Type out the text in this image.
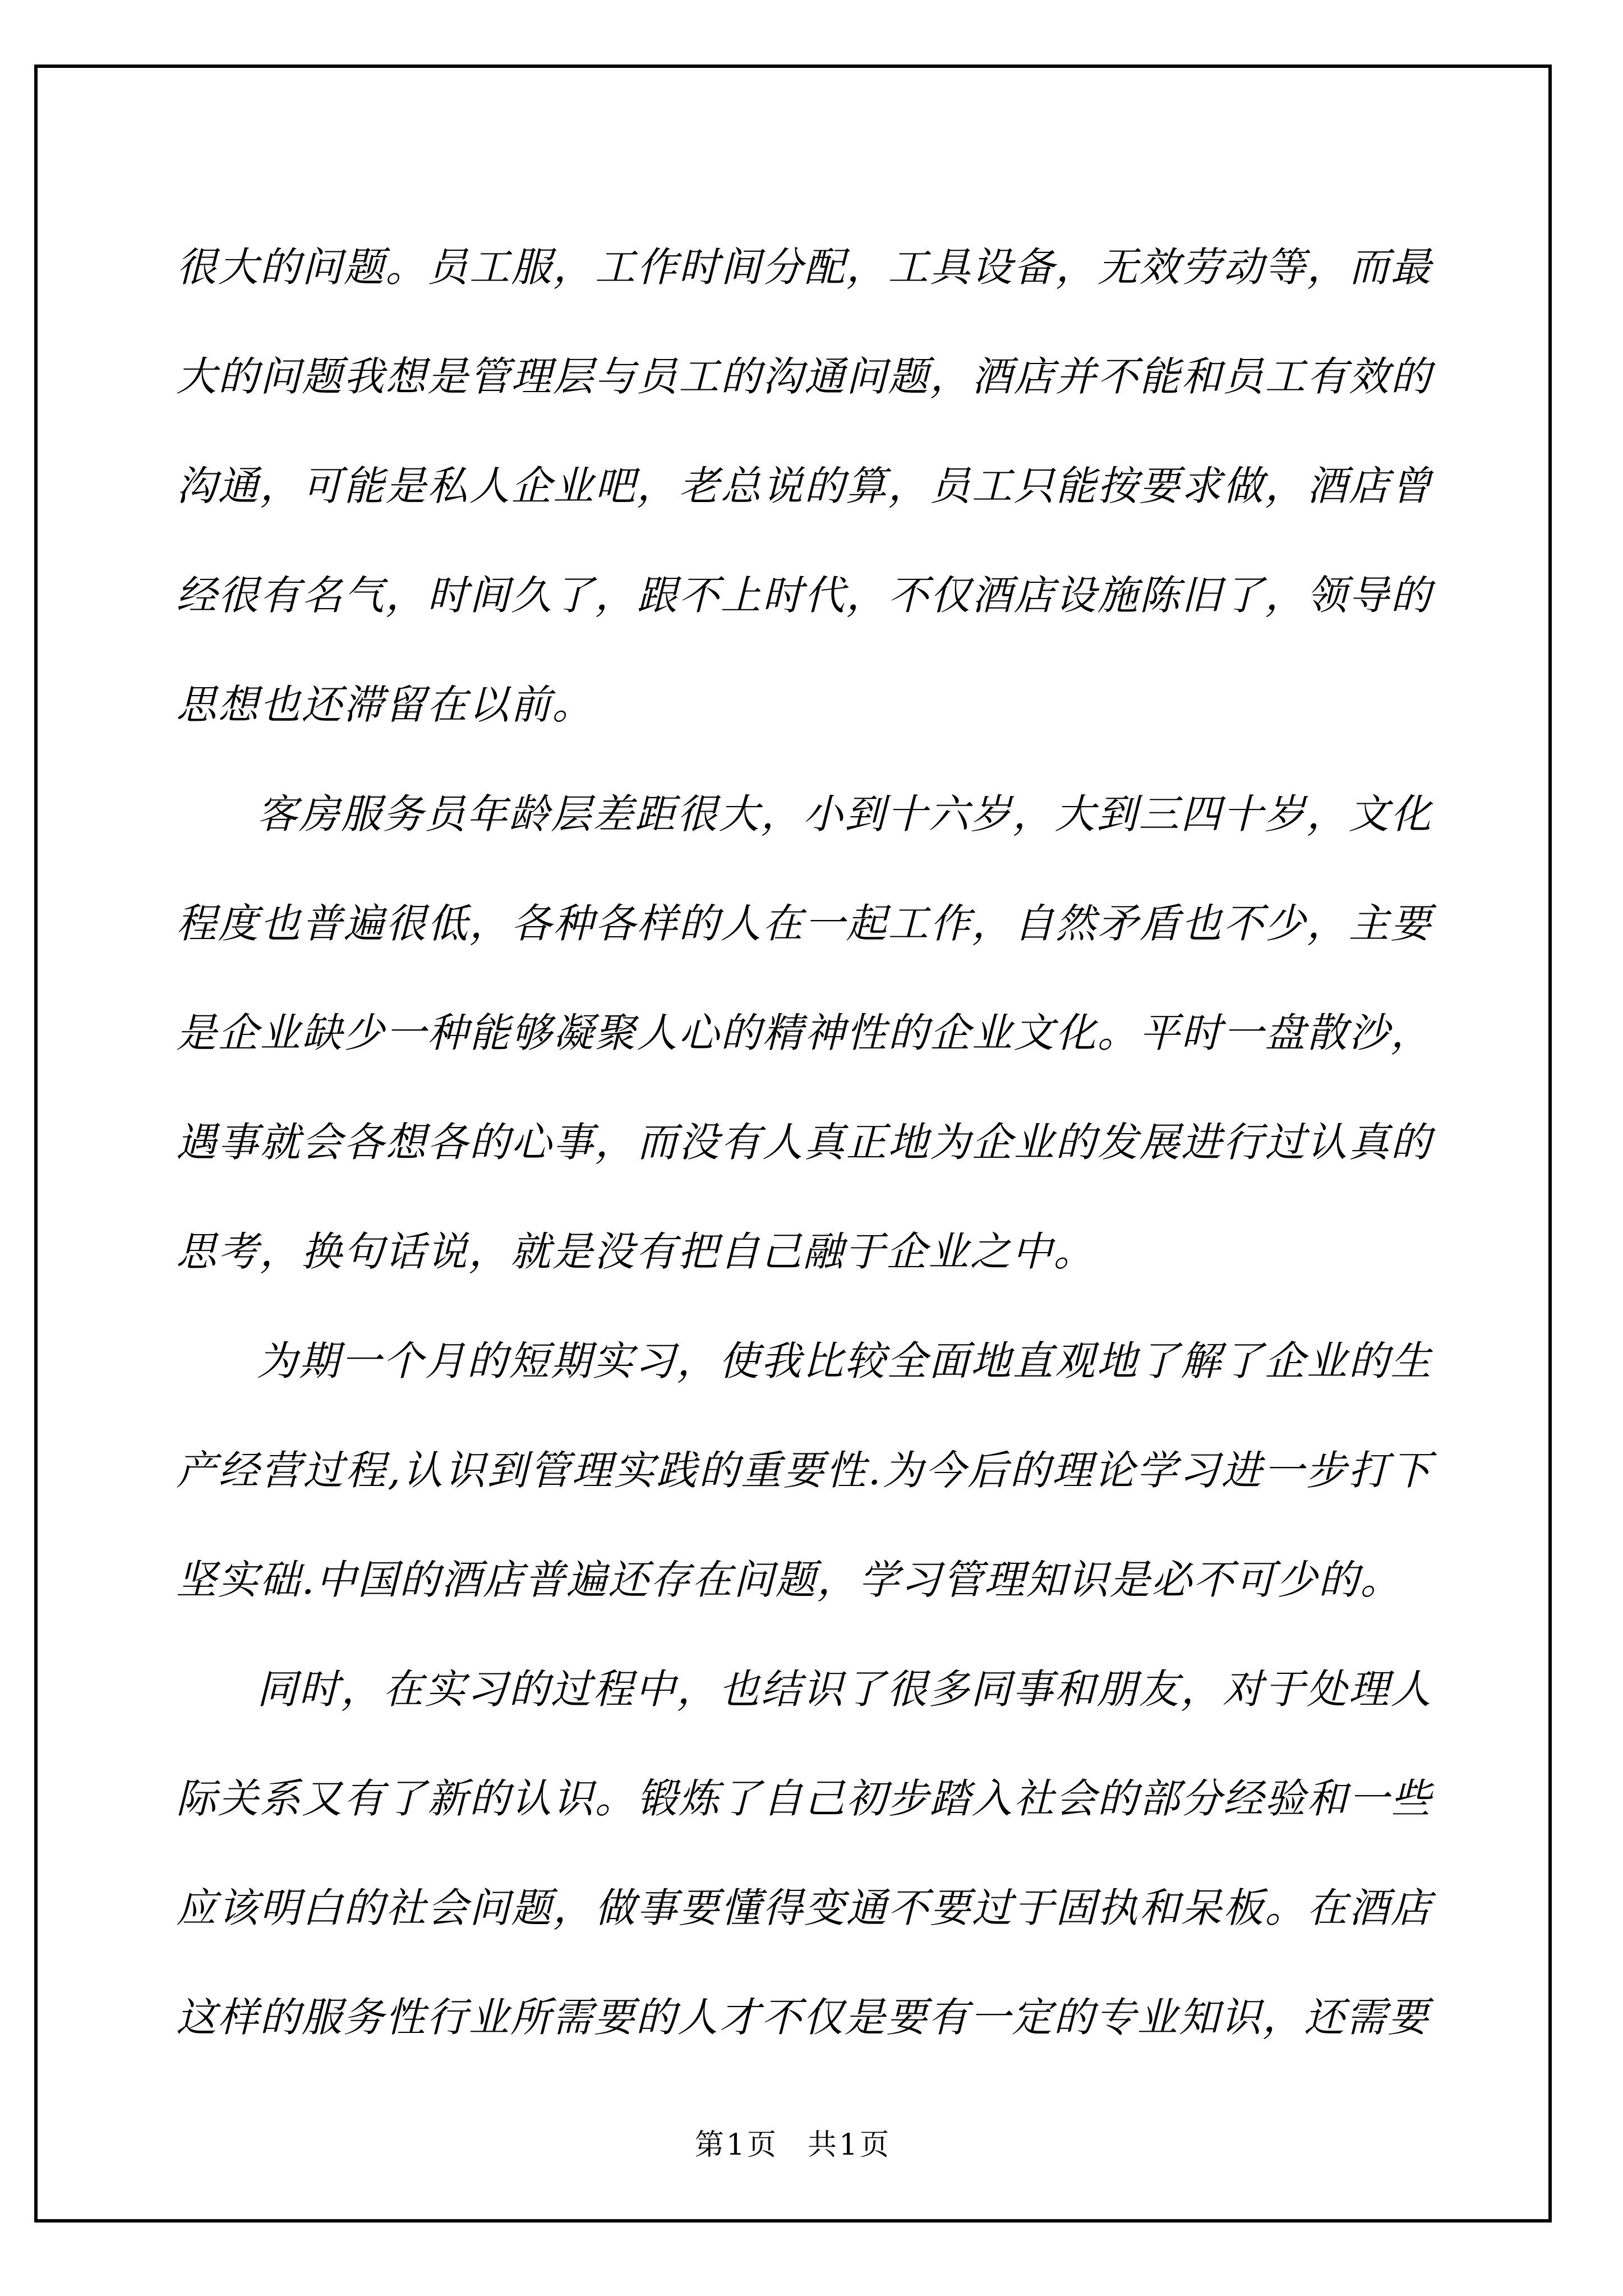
很大的问题。员工服，工作时间分配，工具设备，无效劳动等，而最大的问题我想是管理层与员工的沟通问题，酒店并不能和员工有效的沟通，可能是私人企业吧，老总说的算，员工只能按要求做，酒店曾经很有名气，时间久了，跟不上时代，不仅酒店设施陈旧了，领导的思想也还滞留在以前。

客房服务员年龄层差距很大，小到十六岁，大到三四十岁，文化程度也普遍很低，各种各样的人在一起工作，自然矛盾也不少，主要是企业缺少一种能够凝聚人心的精神性的企业文化。平时一盘散沙，遇事就会各想各的心事，而没有人真正地为企业的发展进行过认真的思考，换句话说，就是没有把自己融于企业之中。

为期一个月的短期实习，使我比较全面地直观地了解了企业的生产经营过程,认识到管理实践的重要性.为今后的理论学习进一步打下坚实础.中国的酒店普遍还存在问题，学习管理知识是必不可少的。

同时，在实习的过程中，也结识了很多同事和朋友，对于处理人际关系又有了新的认识。锻炼了自己初步踏入社会的部分经验和一些应该明白的社会问题，做事要懂得变通不要过于固执和呆板。在酒店这样的服务性行业所需要的人才不仅是要有一定的专业知识，还需要

第1页 共1页
